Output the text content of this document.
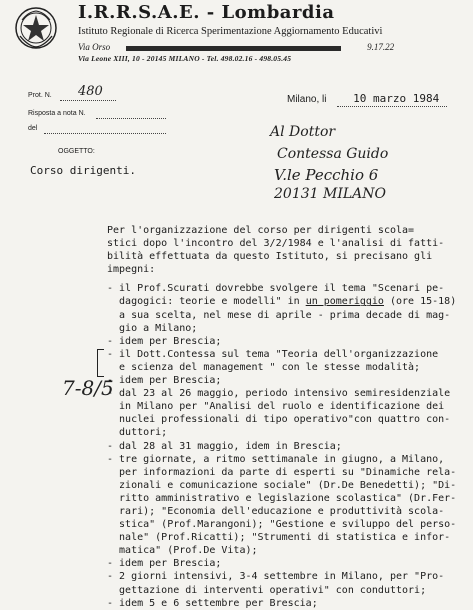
I.R.R.S.A.E. - Lombardia
Istituto Regionale di Ricerca Sperimentazione Aggiornamento Educativi
Via Orso	9.17.22
Via Leone XIII, 10 - 20145 MILANO - Tel. 498.02.16 - 498.05.45
Prot. N. 480
Risposta a nota N.
del
Milano, li 10 marzo 1984
Al Dottor
Contessa Guido
V.le Pecchio 6
20131 MILANO
OGGETTO:
Corso dirigenti.
Per l'organizzazione del corso per dirigenti scola=
stici dopo l'incontro del 3/2/1984 e l'analisi di fatti-
bilità effettuata da questo Istituto, si precisano gli
impegni:

- il Prof.Scurati dovrebbe svolgere il tema "Scenari pe-
dagogici: teorie e modelli" in un pomeriggio (ore 15-18)
a sua scelta, nel mese di aprile - prima decade di mag-
gio a Milano;
- idem per Brescia;
- il Dott.Contessa sul tema "Teoria dell'organizzazione
e scienza del management " con le stesse modalità;
- idem per Brescia;
- dal 23 al 26 maggio, periodo intensivo semiresidenziale
in Milano per "Analisi del ruolo e identificazione dei
nuclei professionali di tipo operativo"con quattro con-
duttori;
- dal 28 al 31 maggio, idem in Brescia;
- tre giornate, a ritmo settimanale in giugno, a Milano,
per informazioni da parte di esperti su "Dinamiche rela-
zionali e comunicazione sociale" (Dr.De Benedetti); "Di-
ritto amministrativo e legislazione scolastica" (Dr.Fer-
rari); "Economia dell'educazione e produttività scola-
stica" (Prof.Marangoni); "Gestione e sviluppo del perso-
nale" (Prof.Ricatti); "Strumenti di statistica e infor-
matica" (Prof.De Vita);
- idem per Brescia;
- 2 giorni intensivi, 3-4 settembre in Milano, per "Pro-
gettazione di interventi operativi" con conduttori;
- idem 5 e 6 settembre per Brescia;
7-8/5
